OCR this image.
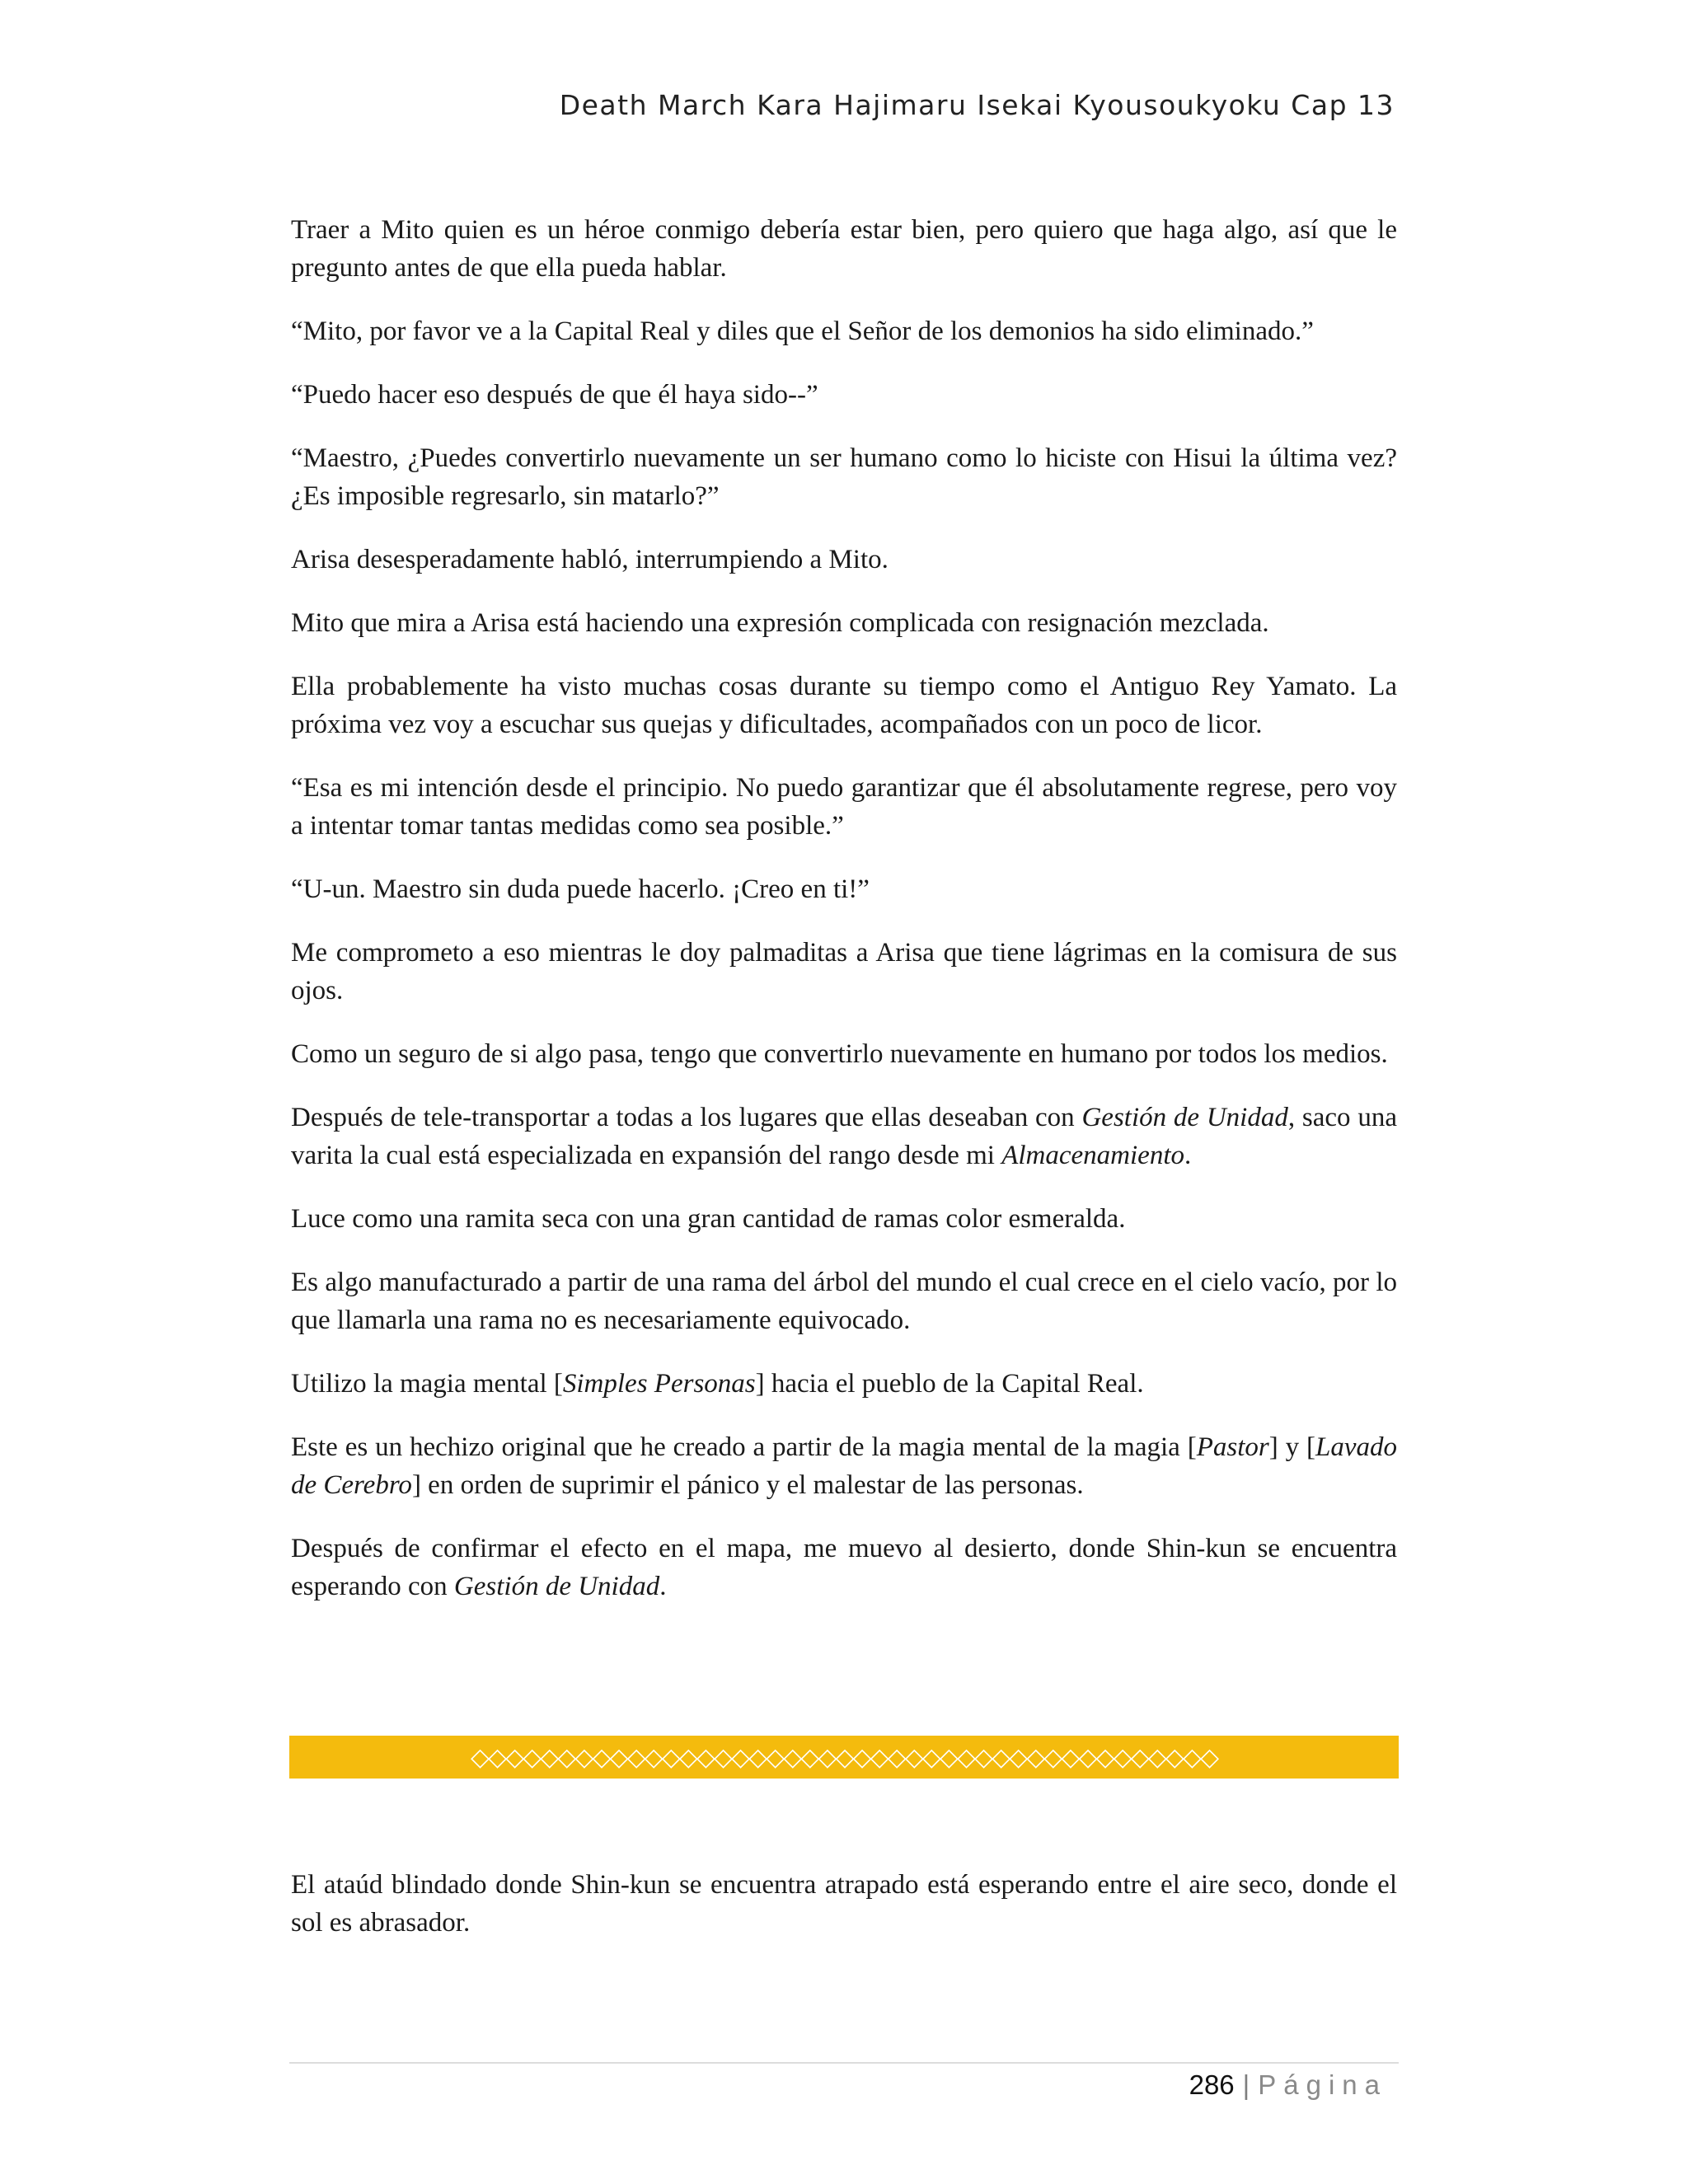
Death March Kara Hajimaru Isekai Kyousoukyoku Cap 13

Traer a Mito quien es un héroe conmigo debería estar bien, pero quiero que haga algo, así que le pregunto antes de que ella pueda hablar.

“Mito, por favor ve a la Capital Real y diles que el Señor de los demonios ha sido eliminado.”

“Puedo hacer eso después de que él haya sido--”

“Maestro, ¿Puedes convertirlo nuevamente un ser humano como lo hiciste con Hisui la última vez? ¿Es imposible regresarlo, sin matarlo?”

Arisa desesperadamente habló, interrumpiendo a Mito.

Mito que mira a Arisa está haciendo una expresión complicada con resignación mezclada.

Ella probablemente ha visto muchas cosas durante su tiempo como el Antiguo Rey Yamato. La próxima vez voy a escuchar sus quejas y dificultades, acompañados con un poco de licor.

“Esa es mi intención desde el principio. No puedo garantizar que él absolutamente regrese, pero voy a intentar tomar tantas medidas como sea posible.”

“U-un. Maestro sin duda puede hacerlo. ¡Creo en ti!”

Me comprometo a eso mientras le doy palmaditas a Arisa que tiene lágrimas en la comisura de sus ojos.

Como un seguro de si algo pasa, tengo que convertirlo nuevamente en humano por todos los medios.

Después de tele-transportar a todas a los lugares que ellas deseaban con Gestión de Unidad, saco una varita la cual está especializada en expansión del rango desde mi Almacenamiento.

Luce como una ramita seca con una gran cantidad de ramas color esmeralda.

Es algo manufacturado a partir de una rama del árbol del mundo el cual crece en el cielo vacío, por lo que llamarla una rama no es necesariamente equivocado.

Utilizo la magia mental [Simples Personas] hacia el pueblo de la Capital Real.

Este es un hechizo original que he creado a partir de la magia mental de la magia [Pastor] y [Lavado de Cerebro] en orden de suprimir el pánico y el malestar de las personas.

Después de confirmar el efecto en el mapa, me muevo al desierto, donde Shin-kun se encuentra esperando con Gestión de Unidad.

◇◇◇◇◇◇◇◇◇◇◇◇◇◇◇◇◇◇◇◇◇◇◇◇◇◇◇◇◇◇◇◇◇◇◇◇◇◇◇◇◇◇◇

El ataúd blindado donde Shin-kun se encuentra atrapado está esperando entre el aire seco, donde el sol es abrasador.

286 | Página
